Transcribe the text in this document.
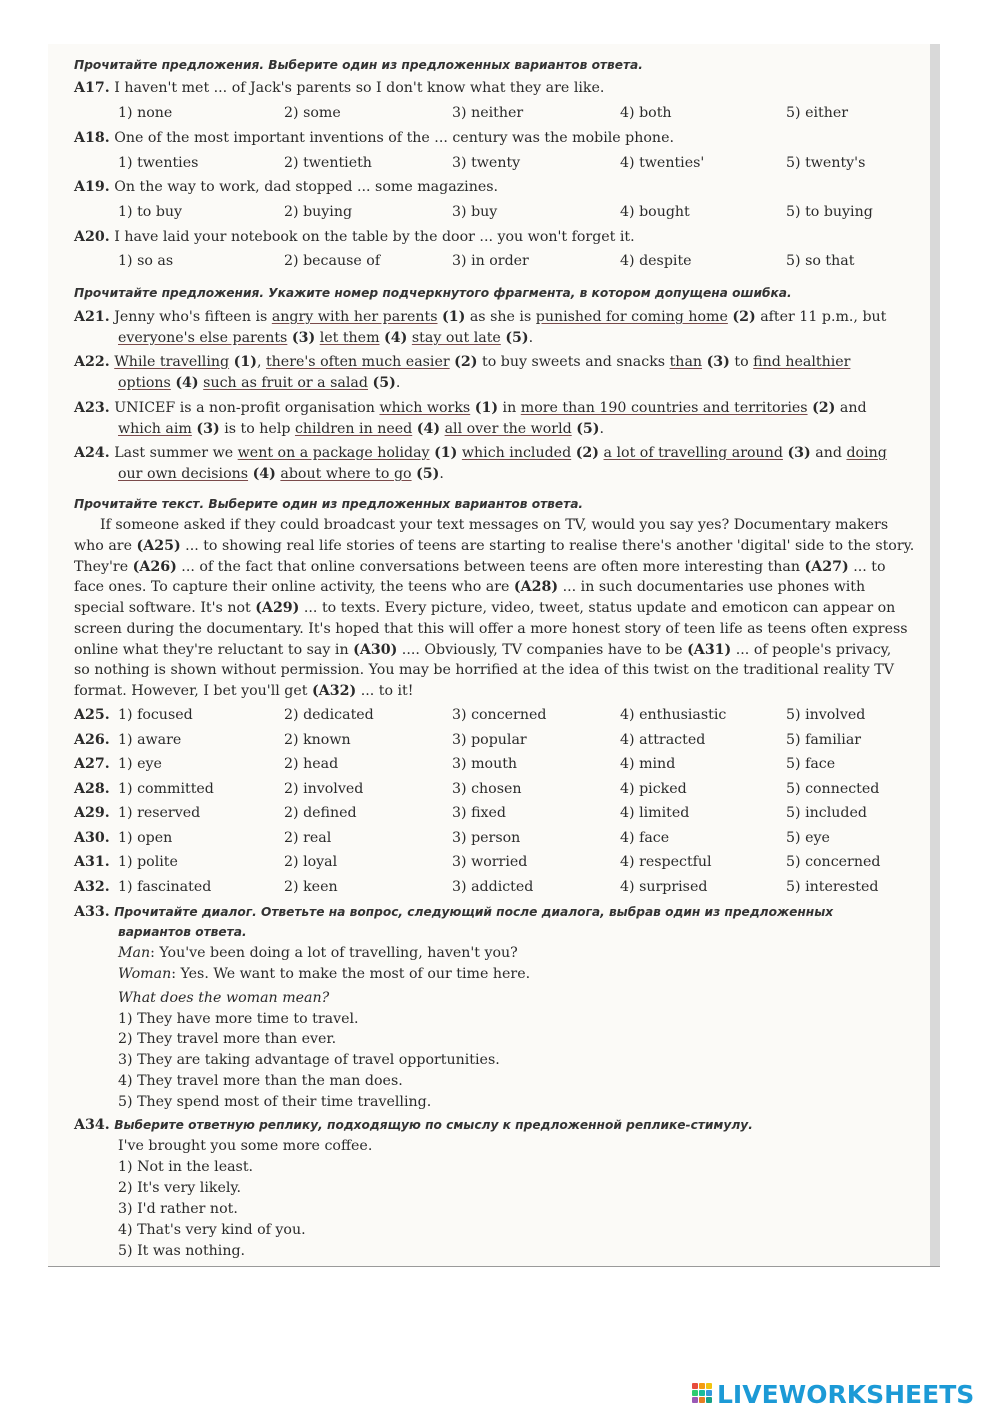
Прочитайте предложения. Выберите один из предложенных вариантов ответа.
A17. I haven't met ... of Jack's parents so I don't know what they are like.
1) none	2) some	3) neither	4) both	5) either
A18. One of the most important inventions of the ... century was the mobile phone.
1) twenties	2) twentieth	3) twenty	4) twenties'	5) twenty's
A19. On the way to work, dad stopped ... some magazines.
1) to buy	2) buying	3) buy	4) bought	5) to buying
A20. I have laid your notebook on the table by the door ... you won't forget it.
1) so as	2) because of	3) in order	4) despite	5) so that
Прочитайте предложения. Укажите номер подчеркнутого фрагмента, в котором допущена ошибка.
A21. Jenny who's fifteen is angry with her parents (1) as she is punished for coming home (2) after 11 p.m., but
everyone's else parents (3) let them (4) stay out late (5).
A22. While travelling (1), there's often much easier (2) to buy sweets and snacks than (3) to find healthier
options (4) such as fruit or a salad (5).
A23. UNICEF is a non-profit organisation which works (1) in more than 190 countries and territories (2) and
which aim (3) is to help children in need (4) all over the world (5).
A24. Last summer we went on a package holiday (1) which included (2) a lot of travelling around (3) and doing
our own decisions (4) about where to go (5).
Прочитайте текст. Выберите один из предложенных вариантов ответа.
If someone asked if they could broadcast your text messages on TV, would you say yes? Documentary makers
who are (A25) ... to showing real life stories of teens are starting to realise there's another 'digital' side to the story.
They're (A26) ... of the fact that online conversations between teens are often more interesting than (A27) ... to
face ones. To capture their online activity, the teens who are (A28) ... in such documentaries use phones with
special software. It's not (A29) ... to texts. Every picture, video, tweet, status update and emoticon can appear on
screen during the documentary. It's hoped that this will offer a more honest story of teen life as teens often express
online what they're reluctant to say in (A30) .... Obviously, TV companies have to be (A31) ... of people's privacy,
so nothing is shown without permission. You may be horrified at the idea of this twist on the traditional reality TV
format. However, I bet you'll get (A32) ... to it!
A25. 1) focused	2) dedicated	3) concerned	4) enthusiastic	5) involved
A26. 1) aware	2) known	3) popular	4) attracted	5) familiar
A27. 1) eye	2) head	3) mouth	4) mind	5) face
A28. 1) committed	2) involved	3) chosen	4) picked	5) connected
A29. 1) reserved	2) defined	3) fixed	4) limited	5) included
A30. 1) open	2) real	3) person	4) face	5) eye
A31. 1) polite	2) loyal	3) worried	4) respectful	5) concerned
A32. 1) fascinated	2) keen	3) addicted	4) surprised	5) interested
A33. Прочитайте диалог. Ответьте на вопрос, следующий после диалога, выбрав один из предложенных
вариантов ответа.
Man: You've been doing a lot of travelling, haven't you?
Woman: Yes. We want to make the most of our time here.
What does the woman mean?
1) They have more time to travel.
2) They travel more than ever.
3) They are taking advantage of travel opportunities.
4) They travel more than the man does.
5) They spend most of their time travelling.
A34. Выберите ответную реплику, подходящую по смыслу к предложенной реплике-стимулу.
I've brought you some more coffee.
1) Not in the least.
2) It's very likely.
3) I'd rather not.
4) That's very kind of you.
5) It was nothing.
LIVEWORKSHEETS
